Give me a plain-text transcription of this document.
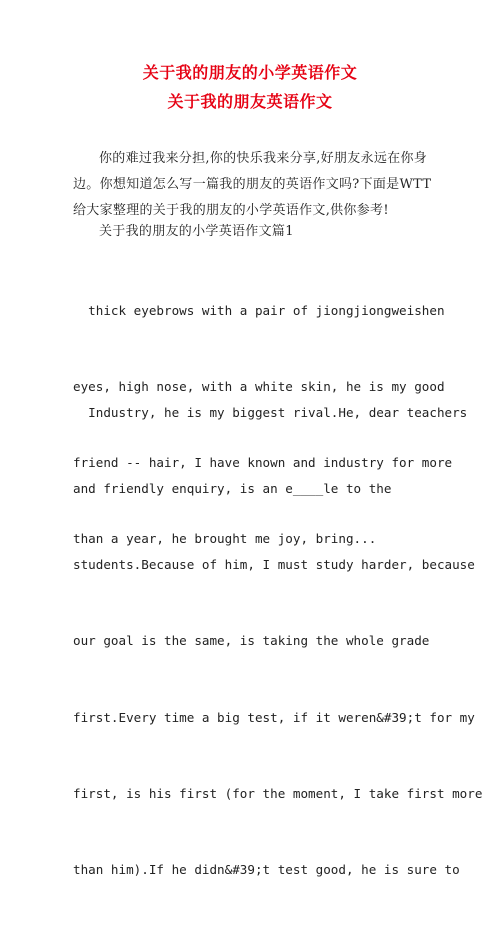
关于我的朋友的小学英语作文
关于我的朋友英语作文
你的难过我来分担,你的快乐我来分享,好朋友永远在你身边。你想知道怎么写一篇我的朋友的英语作文吗?下面是WTT给大家整理的关于我的朋友的小学英语作文,供你参考!
关于我的朋友的小学英语作文篇1

thick eyebrows with a pair of jiongjiongweishen

eyes, high nose, with a white skin, he is my good

friend -- hair, I have known and industry for more

than a year, he brought me joy, bring...

Industry, he is my biggest rival.He, dear teachers

and friendly enquiry, is an e____le to the

students.Because of him, I must study harder, because

our goal is the same, is taking the whole grade

first.Every time a big test, if it weren&#39;t for my

first, is his first (for the moment, I take first more

than him).If he didn&#39;t test good, he is sure to
